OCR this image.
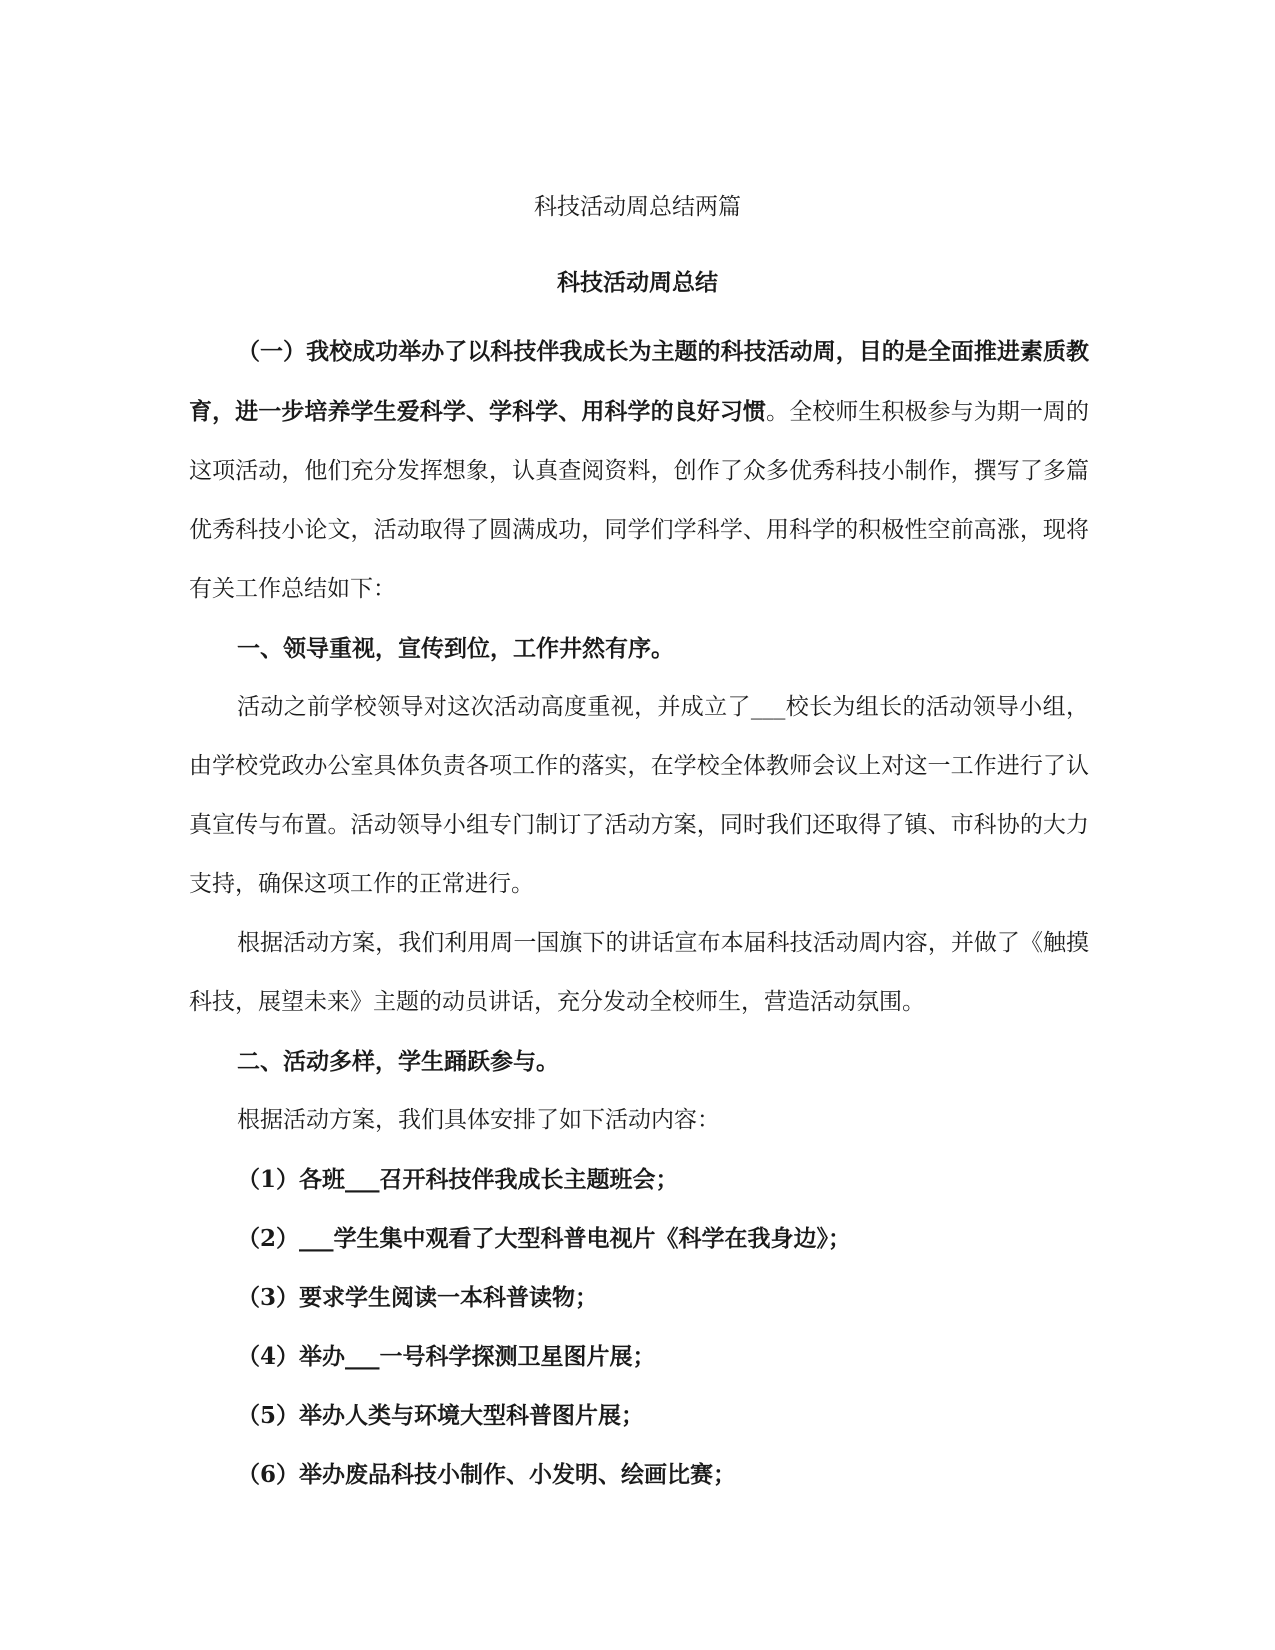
科技活动周总结两篇
科技活动周总结

（一）我校成功举办了以科技伴我成长为主题的科技活动周，目的是全面推进素质教育，进一步培养学生爱科学、学科学、用科学的良好习惯。全校师生积极参与为期一周的这项活动，他们充分发挥想象，认真查阅资料，创作了众多优秀科技小制作，撰写了多篇优秀科技小论文，活动取得了圆满成功，同学们学科学、用科学的积极性空前高涨，现将有关工作总结如下：

一、领导重视，宣传到位，工作井然有序。

活动之前学校领导对这次活动高度重视，并成立了___校长为组长的活动领导小组，由学校党政办公室具体负责各项工作的落实，在学校全体教师会议上对这一工作进行了认真宣传与布置。活动领导小组专门制订了活动方案，同时我们还取得了镇、市科协的大力支持，确保这项工作的正常进行。

根据活动方案，我们利用周一国旗下的讲话宣布本届科技活动周内容，并做了《触摸科技，展望未来》主题的动员讲话，充分发动全校师生，营造活动氛围。

二、活动多样，学生踊跃参与。

根据活动方案，我们具体安排了如下活动内容：

（1）各班___召开科技伴我成长主题班会；
（2）___学生集中观看了大型科普电视片《科学在我身边》；
（3）要求学生阅读一本科普读物；
（4）举办___一号科学探测卫星图片展；
（5）举办人类与环境大型科普图片展；
（6）举办废品科技小制作、小发明、绘画比赛；
